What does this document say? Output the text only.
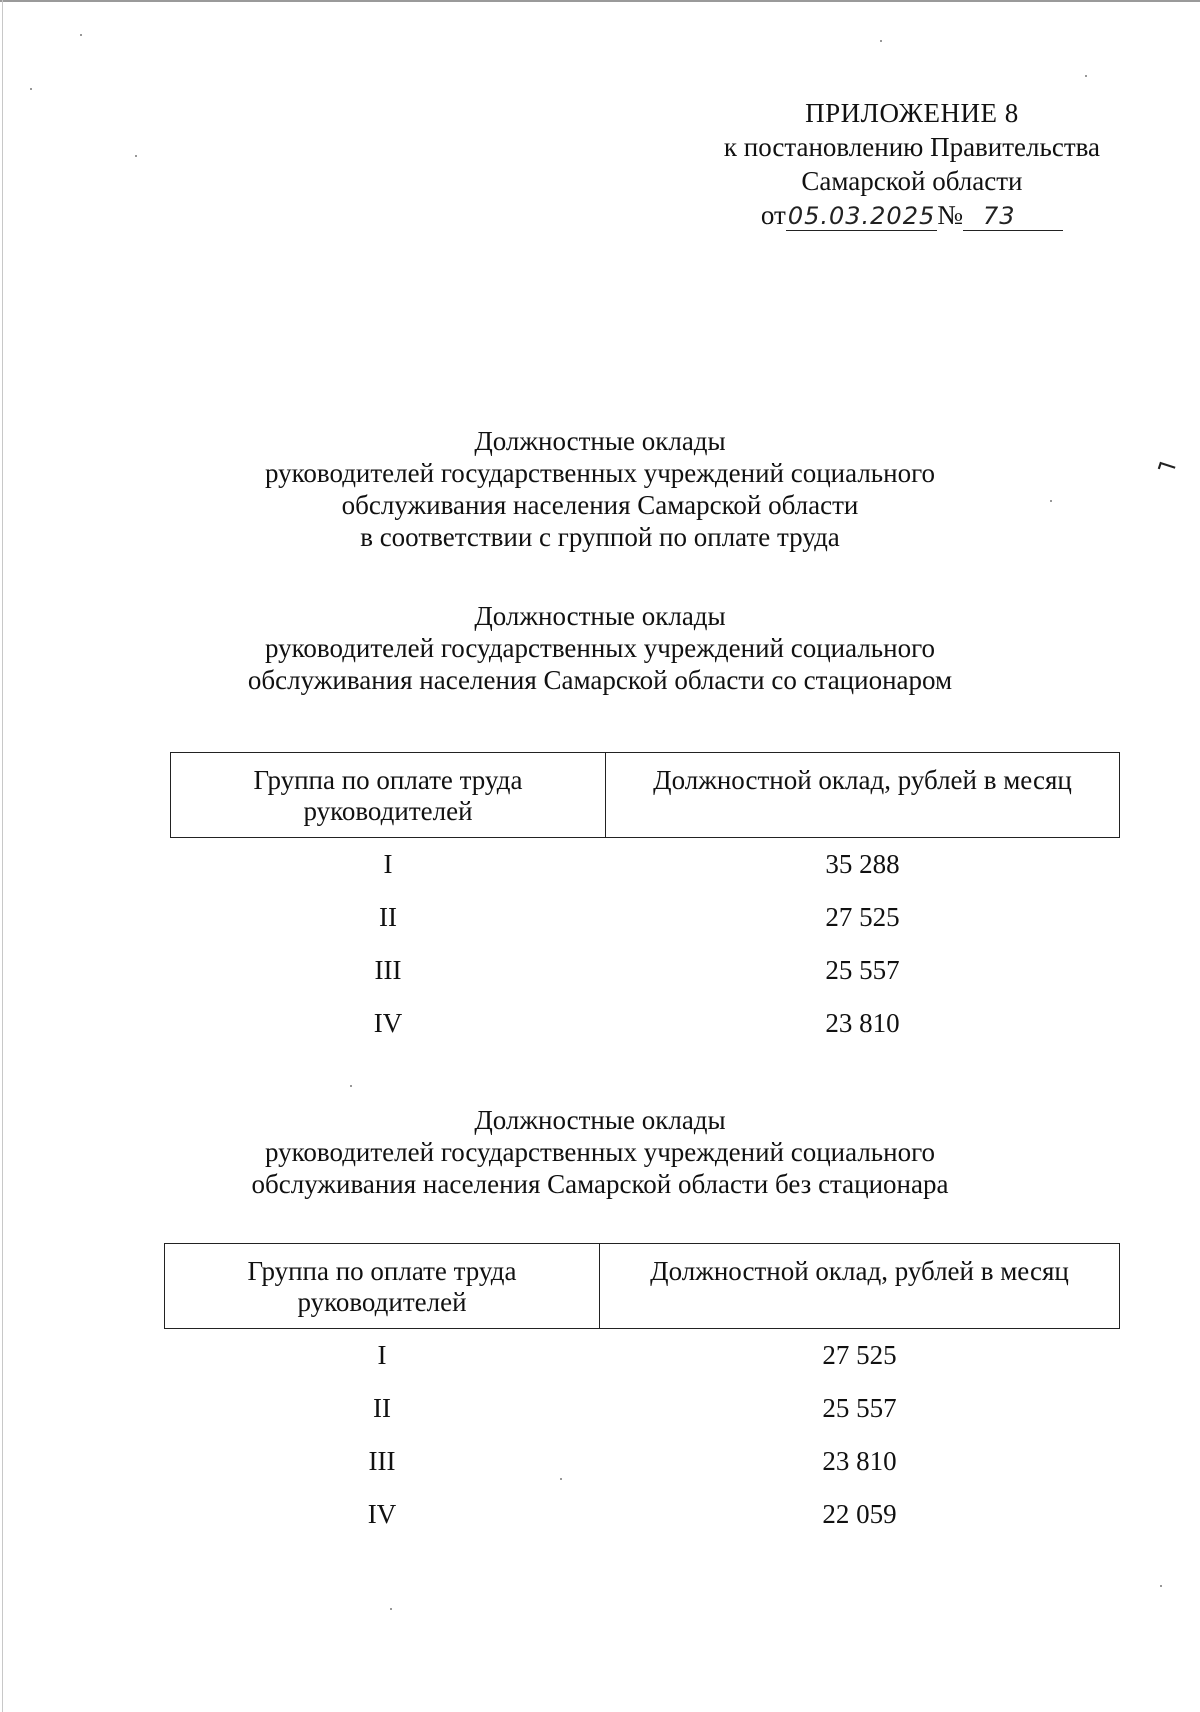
ПРИЛОЖЕНИЕ 8
к постановлению Правительства
Самарской области
от05.03.2025№ 73
Должностные оклады
руководителей государственных учреждений социального
обслуживания населения Самарской области
в соответствии с группой по оплате труда
Должностные оклады
руководителей государственных учреждений социального
обслуживания населения Самарской области со стационаром
Группа по оплате труда
руководителей	Должностной оклад, рублей в месяц
I	35 288
II	27 525
III	25 557
IV	23 810
Должностные оклады
руководителей государственных учреждений социального
обслуживания населения Самарской области без стационара
Группа по оплате труда
руководителей	Должностной оклад, рублей в месяц
I	27 525
II	25 557
III	23 810
IV	22 059
⌐
